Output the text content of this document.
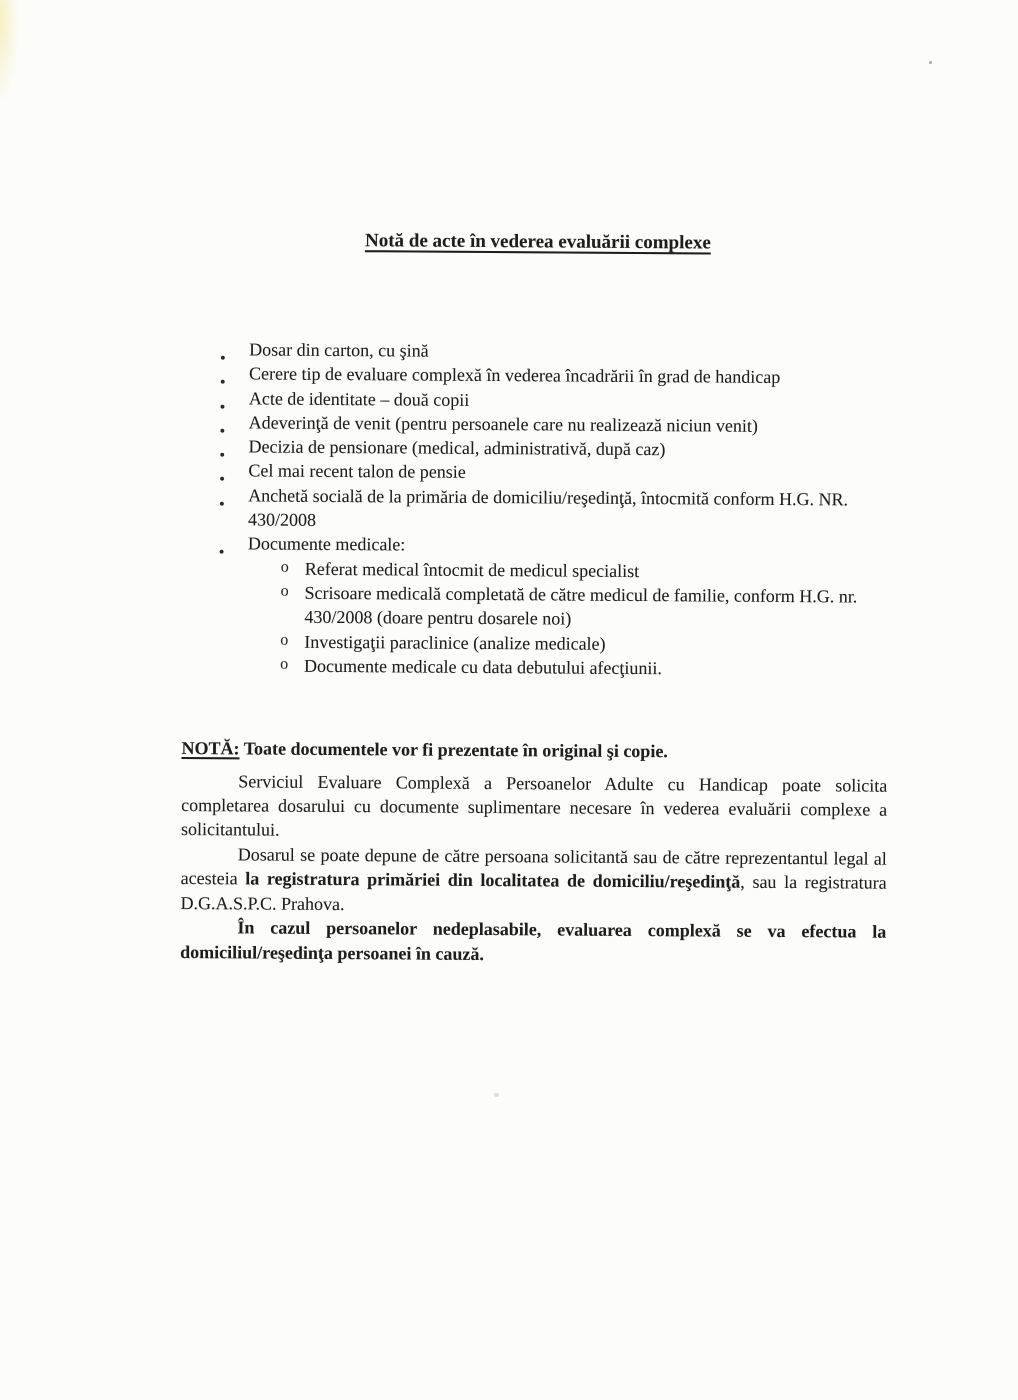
Notă de acte în vederea evaluării complexe
● Dosar din carton, cu şină
● Cerere tip de evaluare complexă în vederea încadrării în grad de handicap
● Acte de identitate – două copii
● Adeverinţă de venit (pentru persoanele care nu realizează niciun venit)
● Decizia de pensionare (medical, administrativă, după caz)
● Cel mai recent talon de pensie
● Anchetă socială de la primăria de domiciliu/reşedinţă, întocmită conform H.G. NR. 430/2008
● Documente medicale:
o Referat medical întocmit de medicul specialist
o Scrisoare medicală completată de către medicul de familie, conform H.G. nr. 430/2008 (doare pentru dosarele noi)
o Investigaţii paraclinice (analize medicale)
o Documente medicale cu data debutului afecţiunii.

NOTĂ: Toate documentele vor fi prezentate în original şi copie.

Serviciul Evaluare Complexă a Persoanelor Adulte cu Handicap poate solicita completarea dosarului cu documente suplimentare necesare în vederea evaluării complexe a solicitantului.

Dosarul se poate depune de către persoana solicitantă sau de către reprezentantul legal al acesteia la registratura primăriei din localitatea de domiciliu/reşedinţă, sau la registratura D.G.A.S.P.C. Prahova.

În cazul persoanelor nedeplasabile, evaluarea complexă se va efectua la domiciliul/reşedinţa persoanei în cauză.
